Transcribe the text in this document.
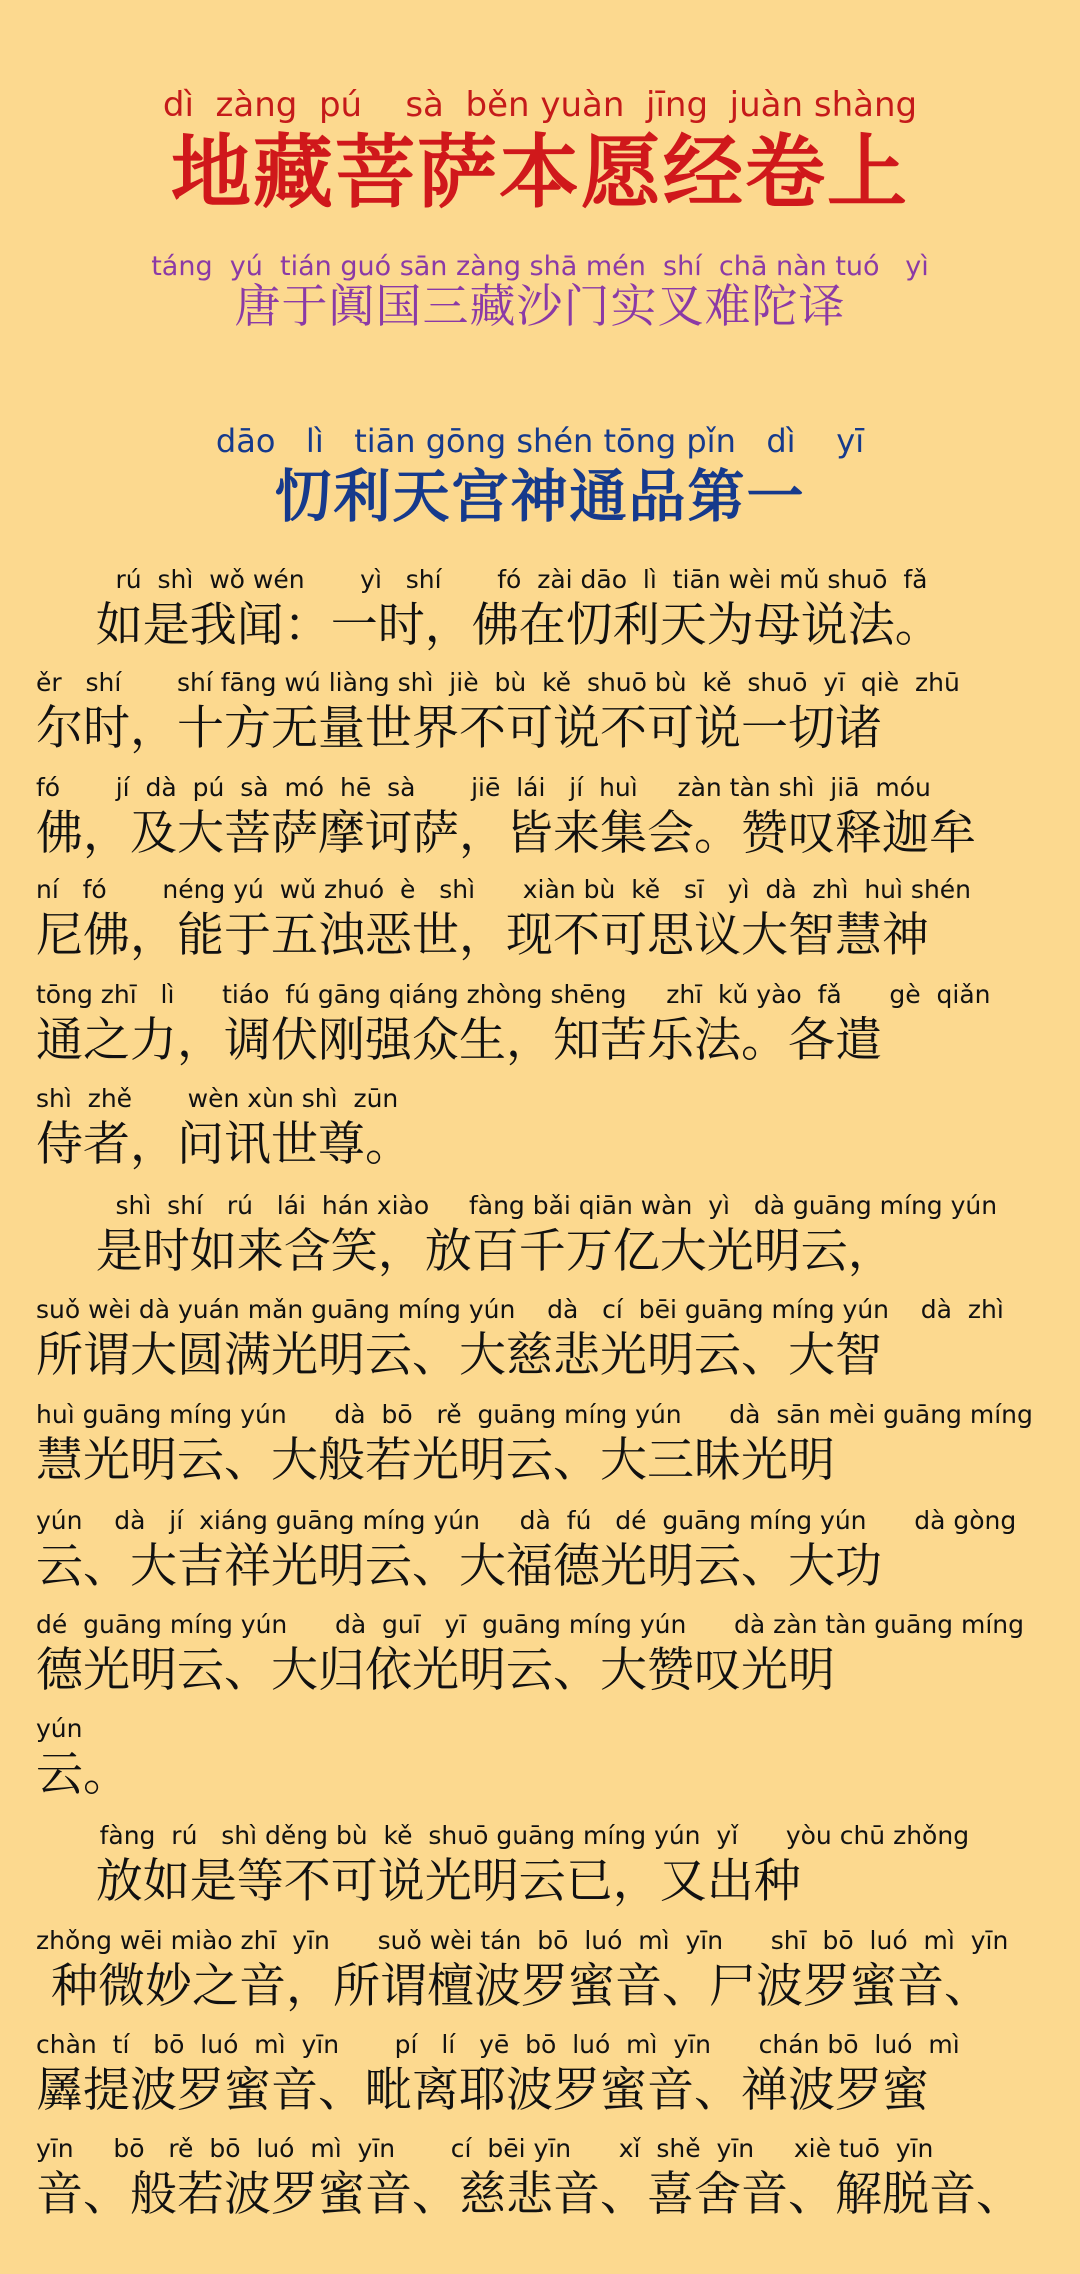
dì  zàng  pú    sà  běn yuàn  jīng  juàn shàng
地藏菩萨本愿经卷上
táng  yú  tián guó sān zàng shā mén  shí  chā nàn tuó   yì
唐于阗国三藏沙门实叉难陀译
dāo   lì   tiān gōng shén tōng pǐn   dì    yī
忉利天宫神通品第一
rú  shì  wǒ wén       yì   shí       fó  zài dāo  lì  tiān wèi mǔ shuō  fǎ
如是我闻：一时，佛在忉利天为母说法。
ěr   shí       shí fāng wú liàng shì  jiè  bù  kě  shuō bù  kě  shuō  yī  qiè  zhū
尔时，十方无量世界不可说不可说一切诸
fó       jí  dà  pú  sà  mó  hē  sà       jiē  lái   jí  huì     zàn tàn shì  jiā  móu
佛，及大菩萨摩诃萨，皆来集会。赞叹释迦牟
ní   fó       néng yú  wǔ zhuó  è   shì      xiàn bù  kě   sī   yì  dà  zhì  huì shén
尼佛，能于五浊恶世，现不可思议大智慧神
tōng zhī   lì      tiáo  fú gāng qiáng zhòng shēng     zhī  kǔ yào  fǎ      gè  qiǎn
通之力，调伏刚强众生，知苦乐法。各遣
shì  zhě       wèn xùn shì  zūn
侍者，问讯世尊。
shì  shí   rú   lái  hán xiào     fàng bǎi qiān wàn  yì   dà guāng míng yún
是时如来含笑，放百千万亿大光明云，
suǒ wèi dà yuán mǎn guāng míng yún    dà   cí  bēi guāng míng yún    dà  zhì
所谓大圆满光明云、大慈悲光明云、大智
huì guāng míng yún      dà  bō   rě  guāng míng yún      dà  sān mèi guāng míng
慧光明云、大般若光明云、大三昧光明
yún    dà   jí  xiáng guāng míng yún     dà  fú   dé  guāng míng yún      dà gòng
云、大吉祥光明云、大福德光明云、大功
dé  guāng míng yún      dà  guī   yī  guāng míng yún      dà zàn tàn guāng míng
德光明云、大归依光明云、大赞叹光明
yún
云。
fàng  rú   shì děng bù  kě  shuō guāng míng yún  yǐ      yòu chū zhǒng
放如是等不可说光明云已，又出种
zhǒng wēi miào zhī  yīn      suǒ wèi tán  bō  luó  mì  yīn      shī  bō  luó  mì  yīn
种微妙之音，所谓檀波罗蜜音、尸波罗蜜音、
chàn  tí   bō  luó  mì  yīn       pí   lí   yē  bō  luó  mì  yīn      chán bō  luó  mì
羼提波罗蜜音、毗离耶波罗蜜音、禅波罗蜜
yīn     bō   rě  bō  luó  mì  yīn       cí  bēi yīn      xǐ  shě  yīn     xiè tuō  yīn
音、般若波罗蜜音、慈悲音、喜舍音、解脱音、
